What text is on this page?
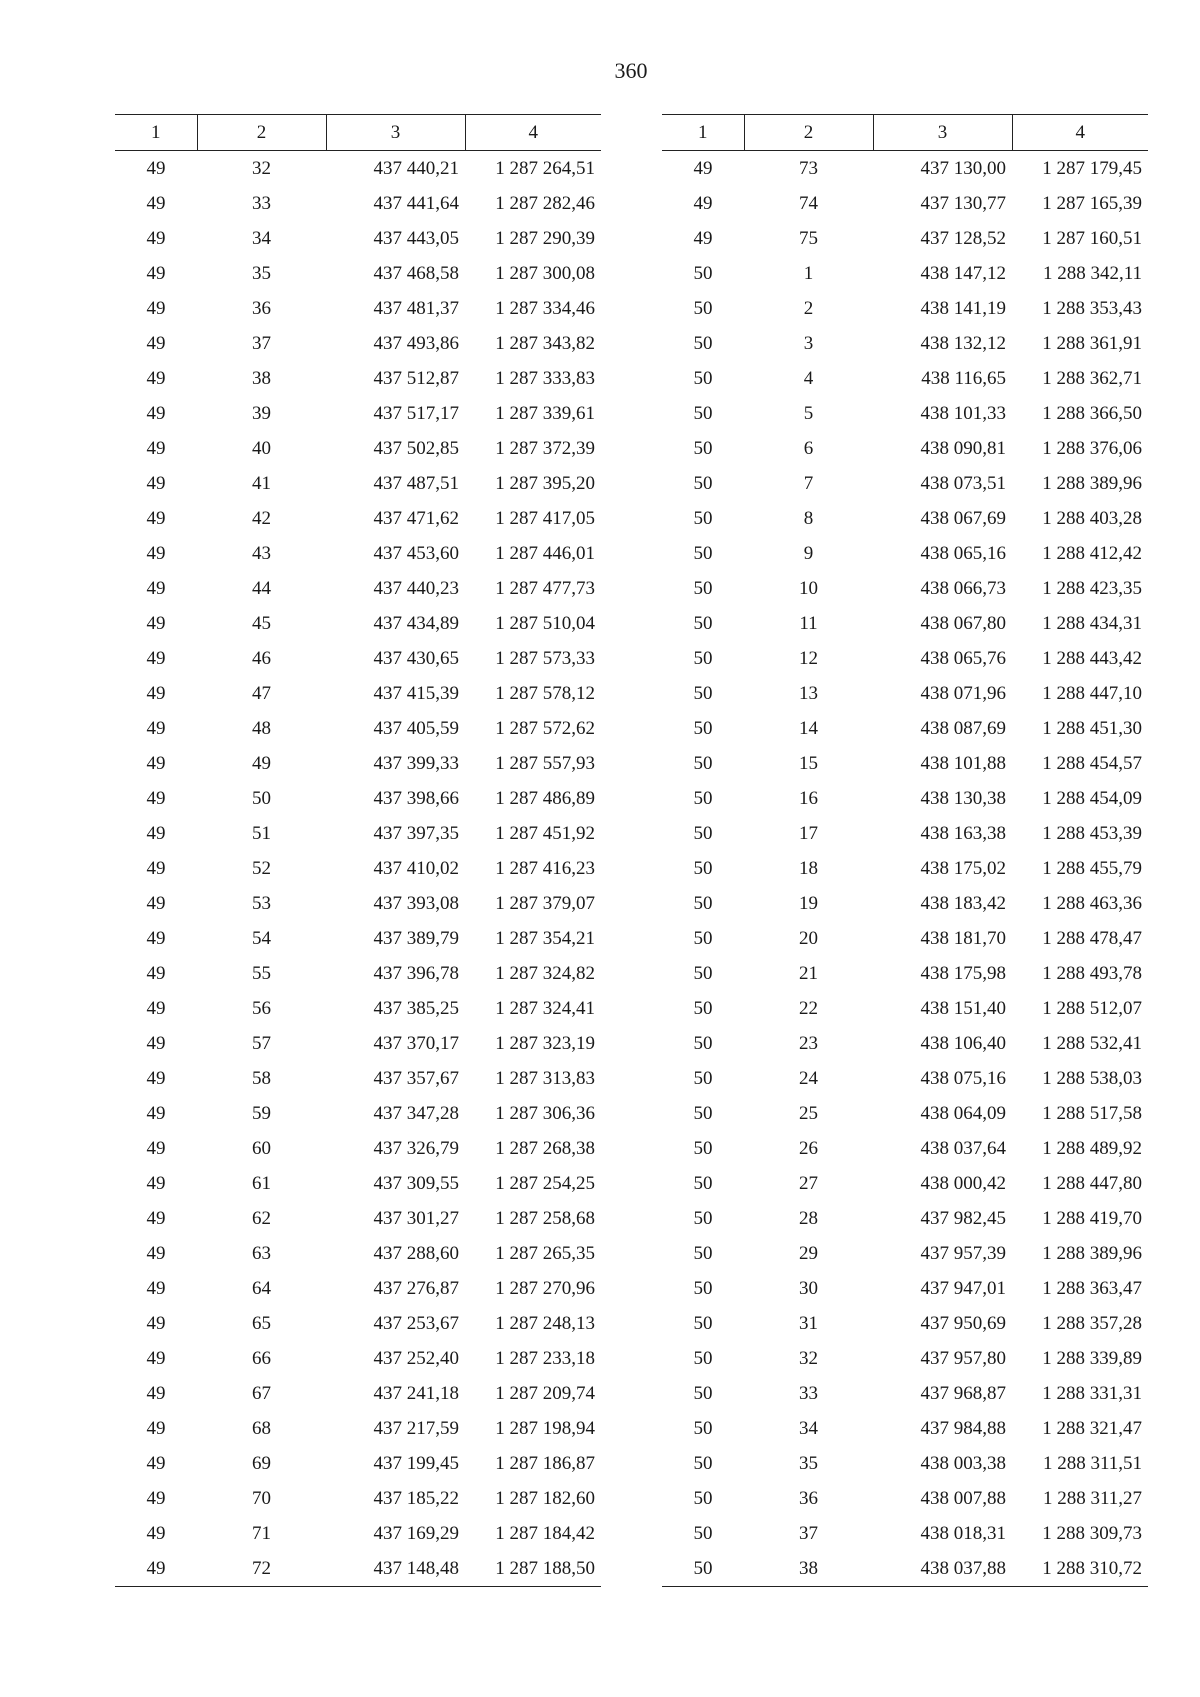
360
1	2	3	4
49	32	437 440,21	1 287 264,51
49	33	437 441,64	1 287 282,46
49	34	437 443,05	1 287 290,39
49	35	437 468,58	1 287 300,08
49	36	437 481,37	1 287 334,46
49	37	437 493,86	1 287 343,82
49	38	437 512,87	1 287 333,83
49	39	437 517,17	1 287 339,61
49	40	437 502,85	1 287 372,39
49	41	437 487,51	1 287 395,20
49	42	437 471,62	1 287 417,05
49	43	437 453,60	1 287 446,01
49	44	437 440,23	1 287 477,73
49	45	437 434,89	1 287 510,04
49	46	437 430,65	1 287 573,33
49	47	437 415,39	1 287 578,12
49	48	437 405,59	1 287 572,62
49	49	437 399,33	1 287 557,93
49	50	437 398,66	1 287 486,89
49	51	437 397,35	1 287 451,92
49	52	437 410,02	1 287 416,23
49	53	437 393,08	1 287 379,07
49	54	437 389,79	1 287 354,21
49	55	437 396,78	1 287 324,82
49	56	437 385,25	1 287 324,41
49	57	437 370,17	1 287 323,19
49	58	437 357,67	1 287 313,83
49	59	437 347,28	1 287 306,36
49	60	437 326,79	1 287 268,38
49	61	437 309,55	1 287 254,25
49	62	437 301,27	1 287 258,68
49	63	437 288,60	1 287 265,35
49	64	437 276,87	1 287 270,96
49	65	437 253,67	1 287 248,13
49	66	437 252,40	1 287 233,18
49	67	437 241,18	1 287 209,74
49	68	437 217,59	1 287 198,94
49	69	437 199,45	1 287 186,87
49	70	437 185,22	1 287 182,60
49	71	437 169,29	1 287 184,42
49	72	437 148,48	1 287 188,50
1	2	3	4
49	73	437 130,00	1 287 179,45
49	74	437 130,77	1 287 165,39
49	75	437 128,52	1 287 160,51
50	1	438 147,12	1 288 342,11
50	2	438 141,19	1 288 353,43
50	3	438 132,12	1 288 361,91
50	4	438 116,65	1 288 362,71
50	5	438 101,33	1 288 366,50
50	6	438 090,81	1 288 376,06
50	7	438 073,51	1 288 389,96
50	8	438 067,69	1 288 403,28
50	9	438 065,16	1 288 412,42
50	10	438 066,73	1 288 423,35
50	11	438 067,80	1 288 434,31
50	12	438 065,76	1 288 443,42
50	13	438 071,96	1 288 447,10
50	14	438 087,69	1 288 451,30
50	15	438 101,88	1 288 454,57
50	16	438 130,38	1 288 454,09
50	17	438 163,38	1 288 453,39
50	18	438 175,02	1 288 455,79
50	19	438 183,42	1 288 463,36
50	20	438 181,70	1 288 478,47
50	21	438 175,98	1 288 493,78
50	22	438 151,40	1 288 512,07
50	23	438 106,40	1 288 532,41
50	24	438 075,16	1 288 538,03
50	25	438 064,09	1 288 517,58
50	26	438 037,64	1 288 489,92
50	27	438 000,42	1 288 447,80
50	28	437 982,45	1 288 419,70
50	29	437 957,39	1 288 389,96
50	30	437 947,01	1 288 363,47
50	31	437 950,69	1 288 357,28
50	32	437 957,80	1 288 339,89
50	33	437 968,87	1 288 331,31
50	34	437 984,88	1 288 321,47
50	35	438 003,38	1 288 311,51
50	36	438 007,88	1 288 311,27
50	37	438 018,31	1 288 309,73
50	38	438 037,88	1 288 310,72
